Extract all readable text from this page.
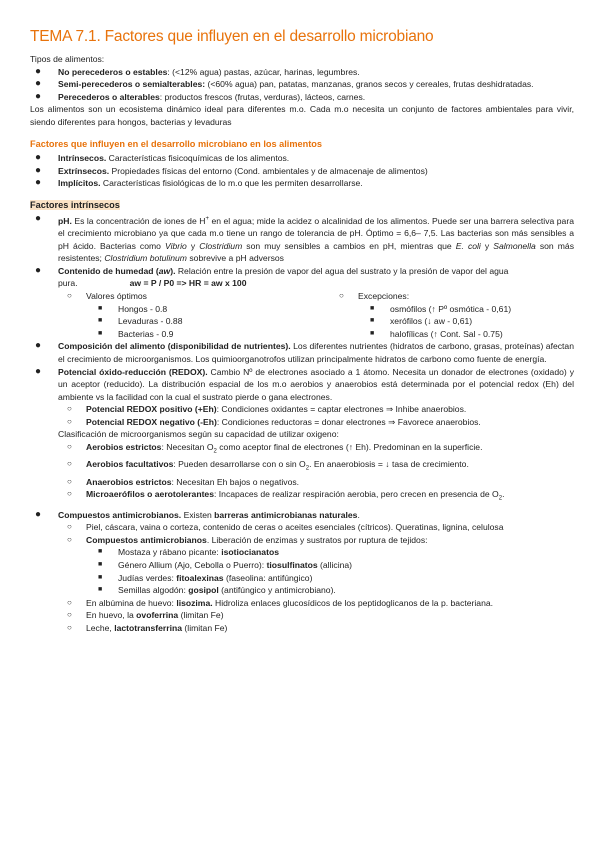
TEMA 7.1. Factores que influyen en el desarrollo microbiano

Tipos de alimentos:

● No perecederos o estables: (<12% agua) pastas, azúcar, harinas, legumbres.
● Semi-perecederos o semialterables: (<60% agua) pan, patatas, manzanas, granos secos y cereales, frutas deshidratadas.
● Perecederos o alterables: productos frescos (frutas, verduras), lácteos, carnes.

Los alimentos son un ecosistema dinámico ideal para diferentes m.o. Cada m.o necesita un conjunto de factores ambientales para vivir, siendo diferentes para hongos, bacterias y levaduras

Factores que influyen en el desarrollo microbiano en los alimentos
● Intrínsecos. Características fisicoquímicas de los alimentos.
● Extrínsecos. Propiedades físicas del entorno (Cond. ambientales y de almacenaje de alimentos)
● Implícitos. Características fisiológicas de lo m.o que les permiten desarrollarse.
Factores intrínsecos
● pH. Es la concentración de iones de H+ en el agua; mide la acidez o alcalinidad de los alimentos. Puede ser una barrera selectiva para el crecimiento microbiano ya que cada m.o tiene un rango de tolerancia de pH. Óptimo = 6,6– 7,5. Las bacterias son más sensibles a pH ácido. Bacterias como Vibrio y Clostridium son muy sensibles a cambios en pH, mientras que E. coli y Salmonella son más resistentes; Clostridium botulinum sobrevive a pH adversos
● Contenido de humedad (aw). Relación entre la presión de vapor del agua del sustrato y la presión de vapor del agua pura.	aw = P / P0 => HR = aw x 100
○ Valores óptimos
■ Hongos - 0.8
■ Levaduras - 0.88
■ Bacterias - 0.9
○ Excepciones:
■ osmófilos (↑ Pº osmótica - 0,61)
■ xerófilos (↓ aw - 0,61)
■ halofílicas (↑ Cont. Sal - 0.75)
● Composición del alimento (disponibilidad de nutrientes). Los diferentes nutrientes (hidratos de carbono, grasas, proteínas) afectan el crecimiento de microorganismos. Los quimioorganotrofos utilizan principalmente hidratos de carbono como fuente de energía.
● Potencial óxido-reducción (REDOX). Cambio Nº de electrones asociado a 1 átomo. Necesita un donador de electrones (oxidado) y un aceptor (reducido). La distribución espacial de los m.o aerobios y anaerobios está determinada por el potencial redox (Eh) del ambiente vs la facilidad con la cual el sustrato pierde o gana electrones.
○ Potencial REDOX positivo (+Eh): Condiciones oxidantes = captar electrones ⇒ Inhibe anaerobios.
○ Potencial REDOX negativo (-Eh): Condiciones reductoras = donar electrones ⇒ Favorece anaerobios.

Clasificación de microorganismos según su capacidad de utilizar oxigeno:

○ Aerobios estrictos: Necesitan $O_2$ como aceptor final de electrones (↑ Eh). Predominan en la superficie.
○ Aerobios facultativos: Pueden desarrollarse con o $\sin O_2$. En anaerobiosis = ↓ tasa de crecimiento.
○ Anaerobios estrictos: Necesitan Eh bajos o negativos.
○ Microaerófilos o aerotolerantes: Incapaces de realizar respiración aerobia, pero crecen en presencia de $O_2$.
● Compuestos antimicrobianos. Existen barreras antimicrobianas naturales.
○ Piel, cáscara, vaina o corteza, contenido de ceras o aceites esenciales (cítricos). Queratinas, lignina, celulosa
○ Compuestos antimicrobianos. Liberación de enzimas y sustratos por ruptura de tejidos:
■ Mostaza y rábano picante: isotiocianatos
■ Género Allium (Ajo, Cebolla o Puerro): tiosulfinatos (allicina)
■ Judías verdes: fitoalexinas (faseolina: antifúngico)
■ Semillas algodón: gosipol (antifúngico y antimicrobiano).
○ En albúmina de huevo: lisozima. Hidroliza enlaces glucosídicos de los peptidoglicanos de la p. bacteriana.
○ En huevo, la ovoferrina (limitan Fe)
○ Leche, lactotransferrina (limitan Fe)
